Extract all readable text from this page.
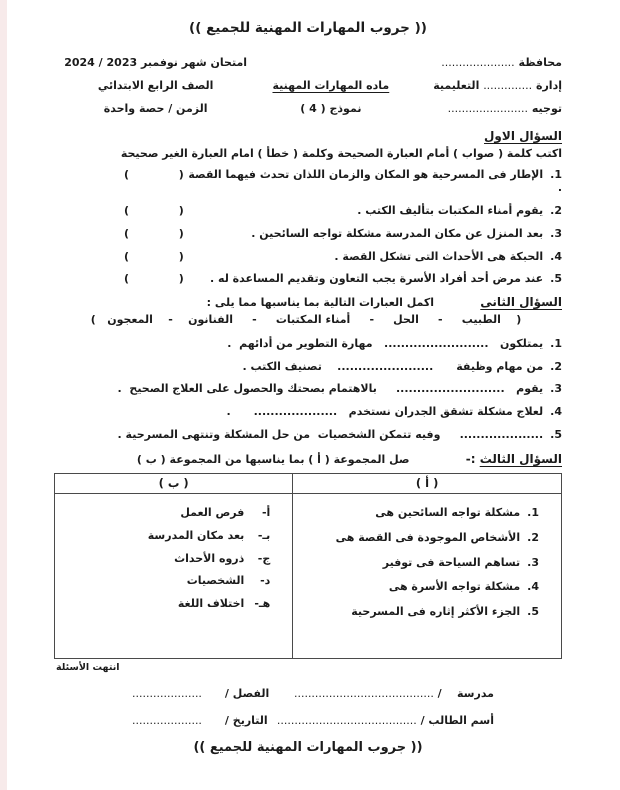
(( جروب المهارات المهنية للجميع ))
محافظة .....................
إدارة .............. التعليمية
توجيه .......................
ماده المهارات المهنية
نموذج ( 4 )
امتحان شهر نوفمبر 2023 / 2024
الصف الرابع الابتدائي
الزمن / حصة واحدة
السؤال الاول
اكتب كلمة ( صواب ) أمام العبارة الصحيحة وكلمة ( خطأ ) امام العبارة الغير صحيحة
1.الإطار فى المسرحية هو المكان والزمان اللذان تحدث فيهما القصة .
(             )
2.يقوم أمناء المكتبات بتأليف الكتب .
(             )
3.بعد المنزل عن مكان المدرسة مشكلة تواجه السائحين .
(             )
4.الحبكة هى الأحداث التى تشكل القصة .
(             )
5.عند مرض أحد أفراد الأسرة يجب التعاون وتقديم المساعدة له .
(             )
السؤال الثانى اكمل العبارات التالية بما يناسبها مما يلى :
(    الطبيب     -     الحل     -     أمناء المكتبات     -     الفنانون    -    المعجون   )
1.يمتلكون   .........................   مهارة التطوير من أدائهم  .
2.من مهام وظيفة      .......................    تصنيف الكتب .
3.يقوم   ..........................     بالاهتمام بصحتك والحصول على العلاج الصحيح  .
4.لعلاج مشكلة تشقق الجدران نستخدم   ....................      .
5.....................     وفيه تتمكن الشخصيات  من حل المشكلة وتنتهى المسرحية .
السؤال الثالث :- صل المجموعة ( أ ) بما يناسبها من المجموعة ( ب )
( أ )	( ب )

1.مشكلة تواجه السائحين هى
2.الأشخاص الموجودة فى القصة هى
3.تساهم السياحة فى توفير
4.مشكلة تواجه الأسرة هى
5.الجزء الأكثر إثاره فى المسرحية

أ-فرص العمل
بـ-بعد مكان المدرسة
ج-ذروه الأحداث
د-الشخصيات
هـ-اختلاف اللغة
انتهت الأسئلة
مدرسة    / ........................................
الفصل /      ....................
أسم الطالب / ........................................
التاريخ /      ....................
(( جروب المهارات المهنية للجميع ))
